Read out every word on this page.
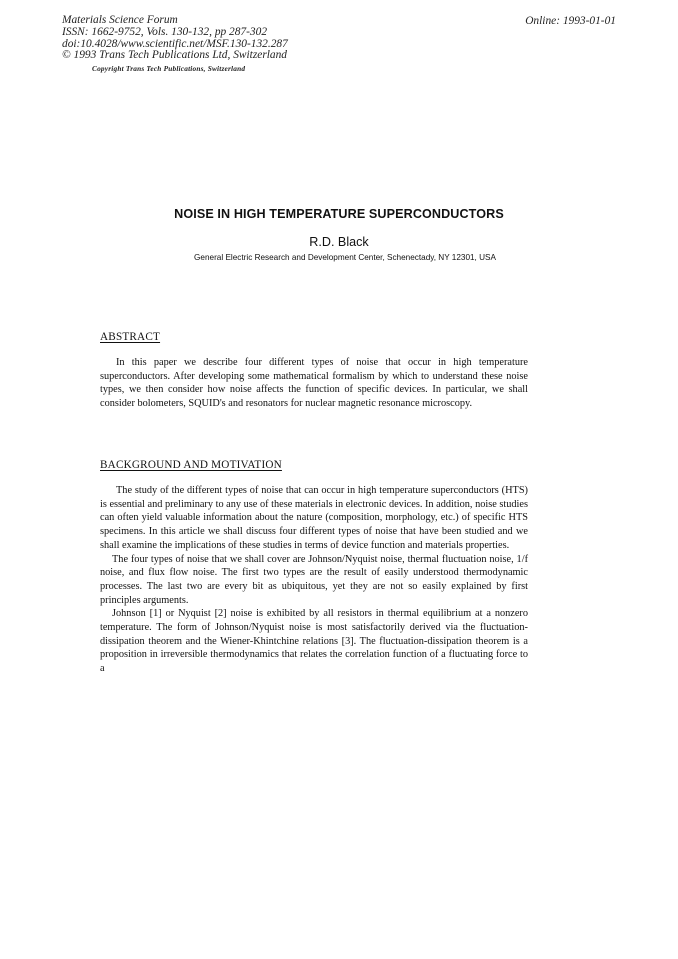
Materials Science Forum
ISSN: 1662-9752, Vols. 130-132, pp 287-302
doi:10.4028/www.scientific.net/MSF.130-132.287
© 1993 Trans Tech Publications Ltd, Switzerland
Copyright Trans Tech Publications, Switzerland
Online: 1993-01-01
NOISE IN HIGH TEMPERATURE SUPERCONDUCTORS
R.D. Black
General Electric Research and Development Center, Schenectady, NY 12301, USA
ABSTRACT

In this paper we describe four different types of noise that occur in high temperature superconductors. After developing some mathematical formalism by which to understand these noise types, we then consider how noise affects the function of specific devices. In particular, we shall consider bolometers, SQUID's and resonators for nuclear magnetic resonance microscopy.

BACKGROUND AND MOTIVATION

The study of the different types of noise that can occur in high temperature superconductors (HTS) is essential and preliminary to any use of these materials in electronic devices. In addition, noise studies can often yield valuable information about the nature (composition, morphology, etc.) of specific HTS specimens. In this article we shall discuss four different types of noise that have been studied and we shall examine the implications of these studies in terms of device function and materials properties.

The four types of noise that we shall cover are Johnson/Nyquist noise, thermal fluctuation noise, 1/f noise, and flux flow noise. The first two types are the result of easily understood thermodynamic processes. The last two are every bit as ubiquitous, yet they are not so easily explained by first principles arguments.

Johnson [1] or Nyquist [2] noise is exhibited by all resistors in thermal equilibrium at a nonzero temperature. The form of Johnson/Nyquist noise is most satisfactorily derived via the fluctuation-dissipation theorem and the Wiener-Khintchine relations [3]. The fluctuation-dissipation theorem is a proposition in irreversible thermodynamics that relates the correlation function of a fluctuating force to a
